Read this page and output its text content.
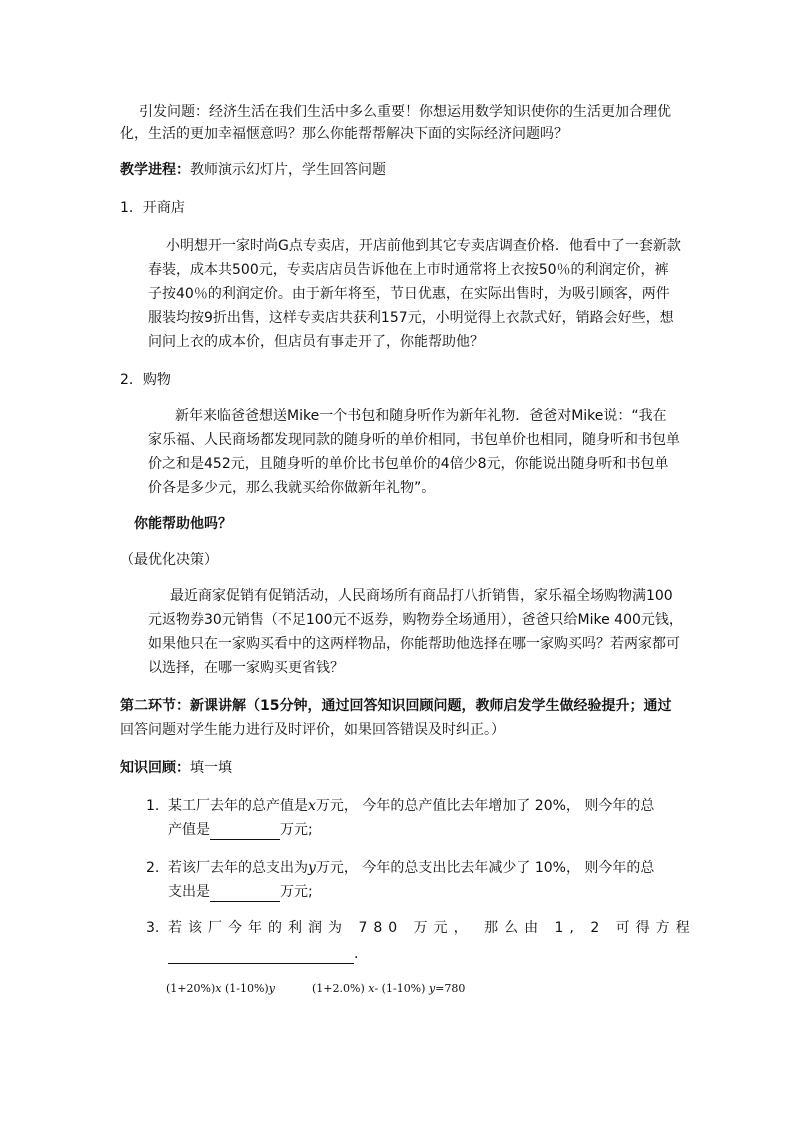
引发问题：经济生活在我们生活中多么重要！你想运用数学知识使你的生活更加合理优
化，生活的更加幸福惬意吗？那么你能帮帮解决下面的实际经济问题吗？
教学进程：教师演示幻灯片，学生回答问题
1．开商店
小明想开一家时尚G点专卖店，开店前他到其它专卖店调查价格．他看中了一套新款
春装，成本共500元，专卖店店员告诉他在上市时通常将上衣按50％的利润定价，裤
子按40％的利润定价。由于新年将至，节日优惠，在实际出售时，为吸引顾客，两件
服装均按9折出售，这样专卖店共获利157元，小明觉得上衣款式好，销路会好些，想
问问上衣的成本价，但店员有事走开了，你能帮助他？
2．购物
新年来临爸爸想送Mike一个书包和随身听作为新年礼物．爸爸对Mike说：“我在
家乐福、人民商场都发现同款的随身听的单价相同，书包单价也相同，随身听和书包单
价之和是452元，且随身听的单价比书包单价的4倍少8元，你能说出随身听和书包单
价各是多少元，那么我就买给你做新年礼物”。
你能帮助他吗？
（最优化决策）
最近商家促销有促销活动，人民商场所有商品打八折销售，家乐福全场购物满100
元返物券30元销售（不足100元不返券，购物券全场通用），爸爸只给Mike 400元钱，
如果他只在一家购买看中的这两样物品，你能帮助他选择在哪一家购买吗？若两家都可
以选择，在哪一家购买更省钱？
第二环节：新课讲解（15分钟，通过回答知识回顾问题，教师启发学生做经验提升；通过
回答问题对学生能力进行及时评价，如果回答错误及时纠正。）
知识回顾：填一填
1. 某工厂去年的总产值是x万元， 今年的总产值比去年增加了 20%， 则今年的总
产值是	万元;
2. 若该厂去年的总支出为y万元， 今年的总支出比去年减少了 10%， 则今年的总
支出是	万元;
3. 若该厂今年的利润为 780 万元， 那么由 1, 2 可得方程
.
(1+20%)x (1-10%)y	(1+2.0%) x- (1-10%) y=780
